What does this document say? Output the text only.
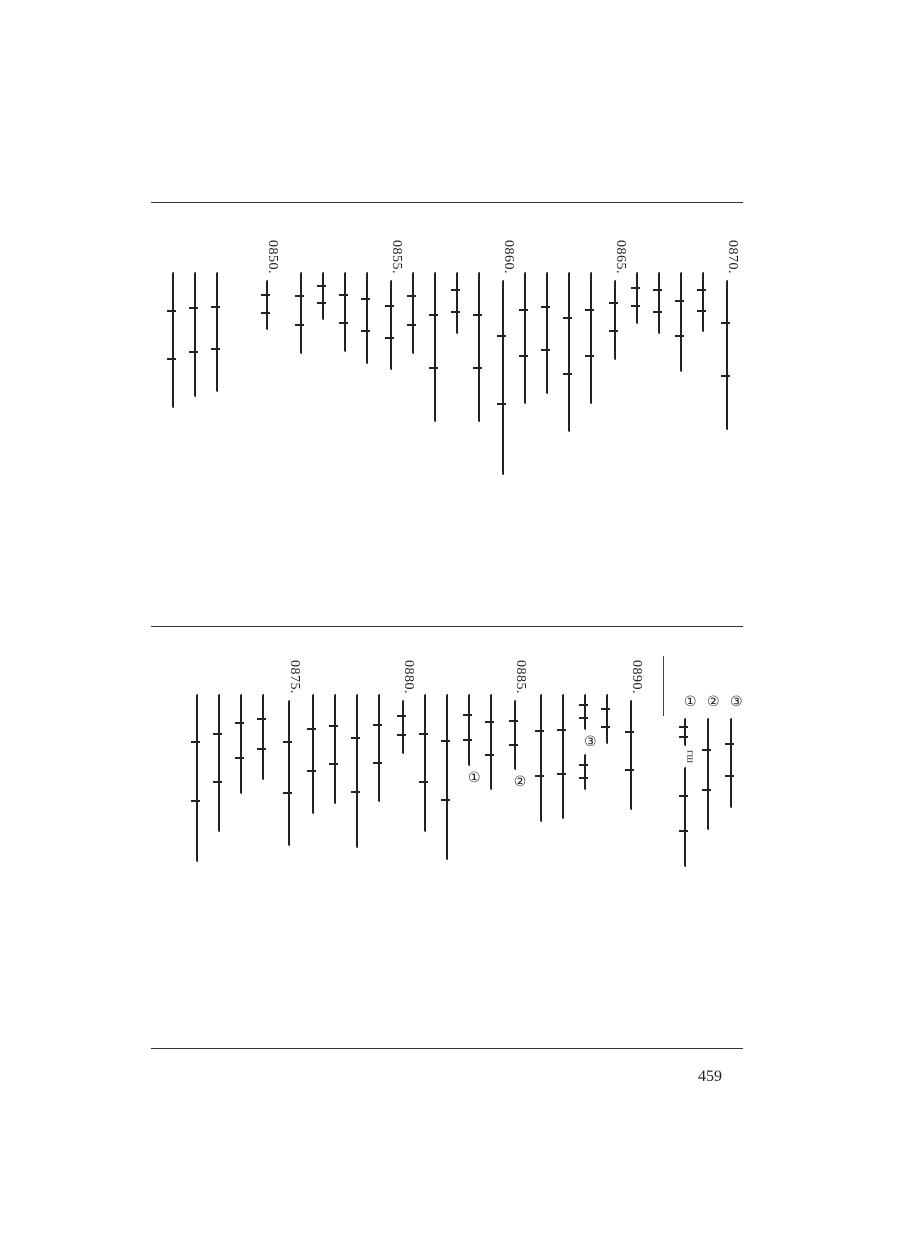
0870.
0865.
0860.
0855.
0850.
③
②
①
гш
0890.
③
0885.
②
①
0880.
0875.
459
